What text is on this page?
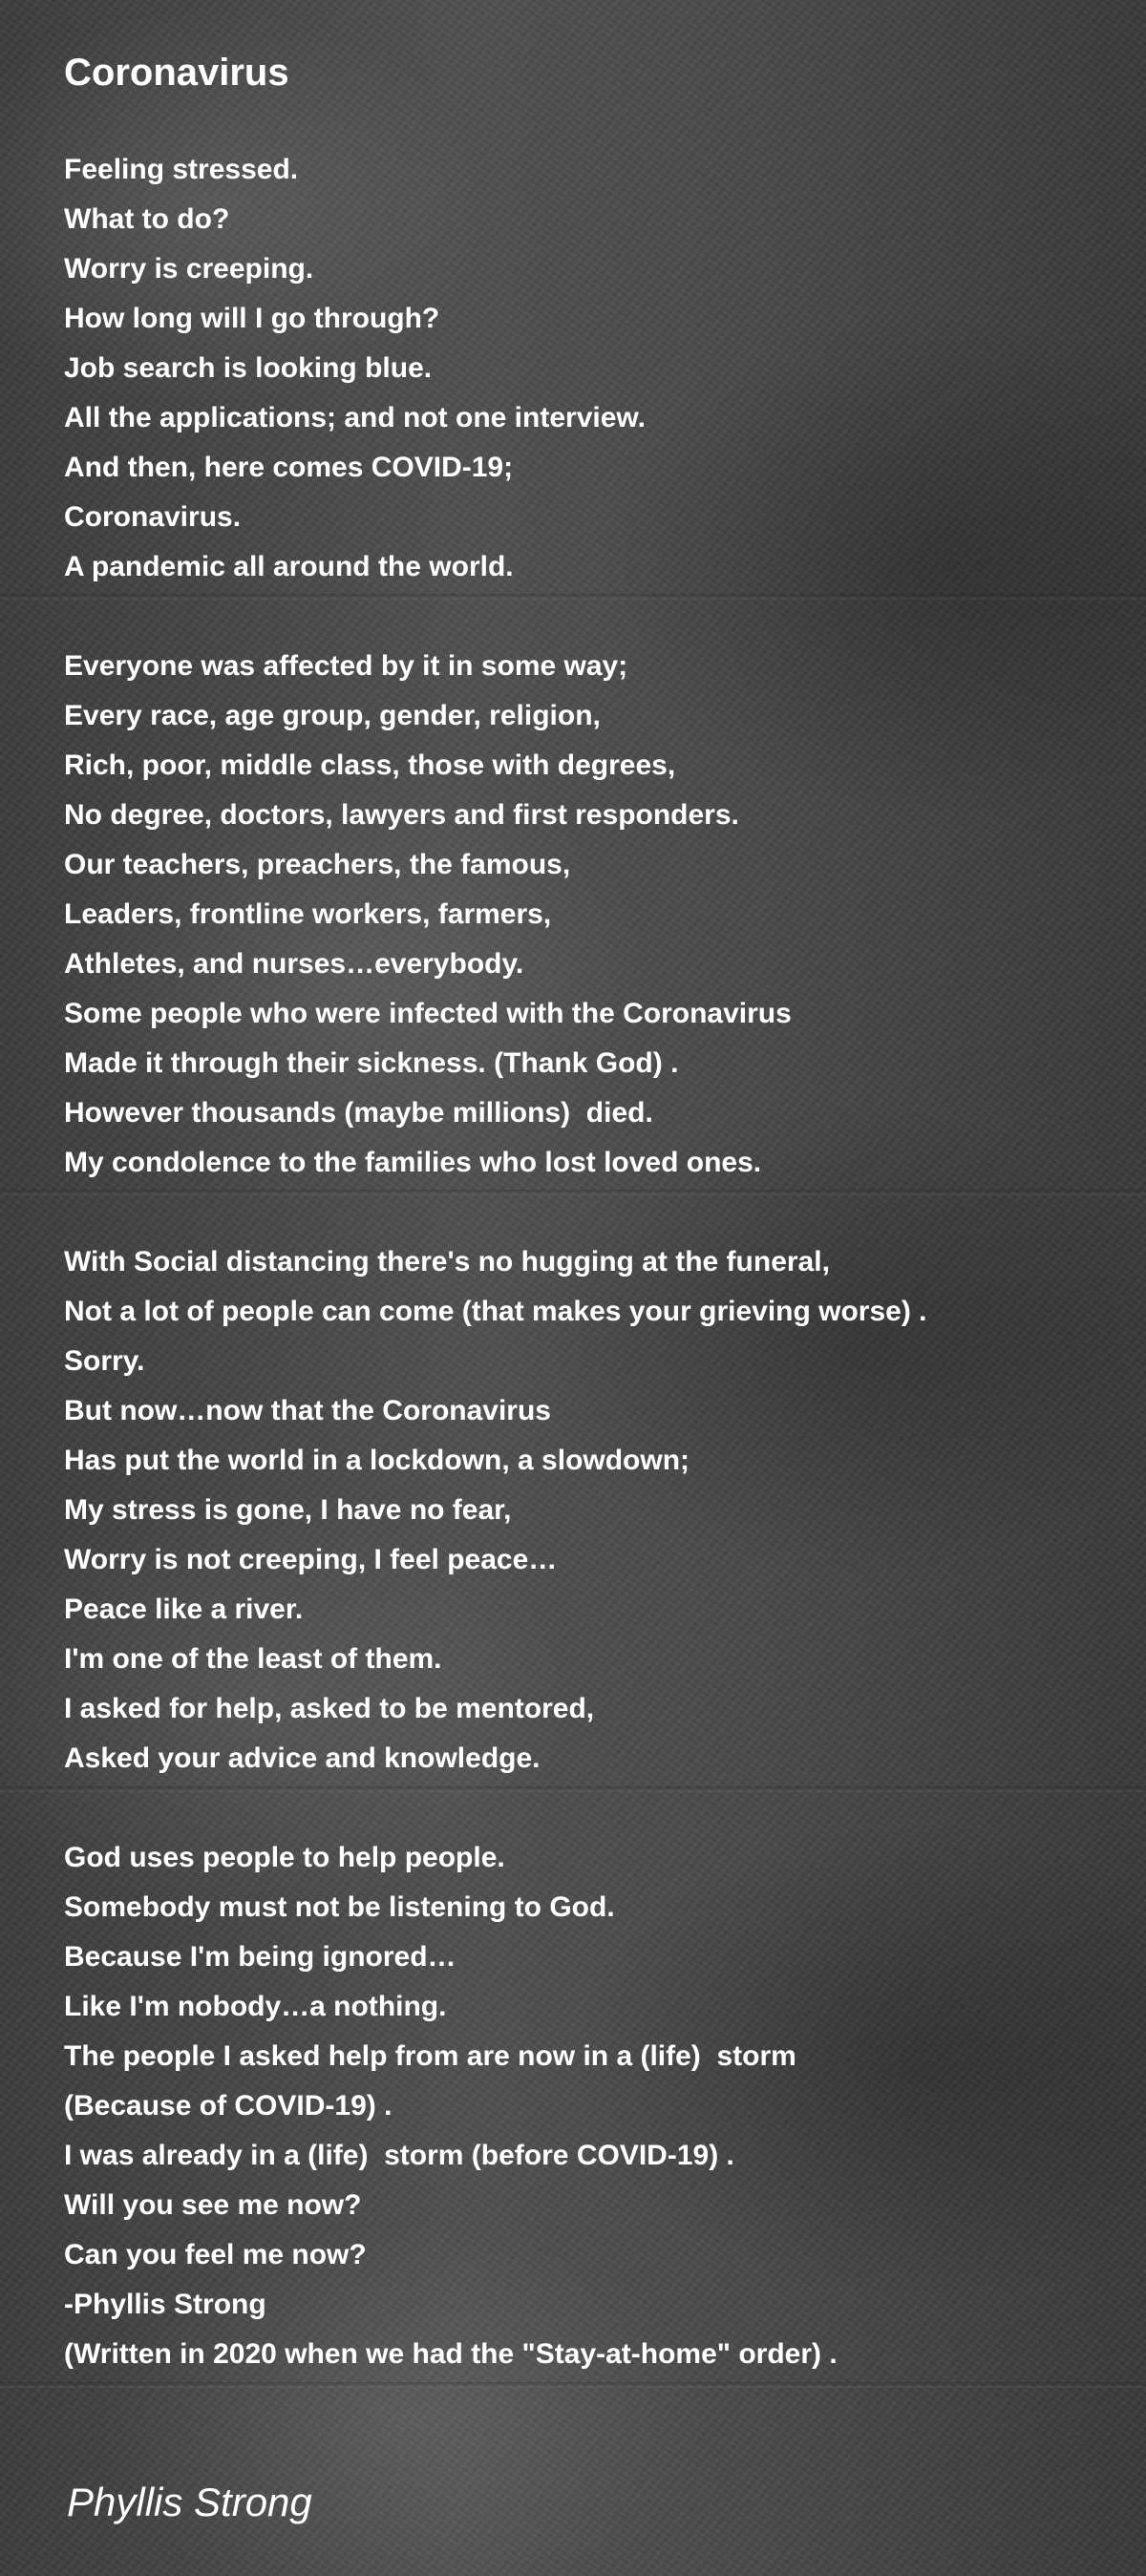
Coronavirus
Feeling stressed.
What to do?
Worry is creeping.
How long will I go through?
Job search is looking blue.
All the applications; and not one interview.
And then, here comes COVID-19;
Coronavirus.
A pandemic all around the world.
Everyone was affected by it in some way;
Every race, age group, gender, religion,
Rich, poor, middle class, those with degrees,
No degree, doctors, lawyers and first responders.
Our teachers, preachers, the famous,
Leaders, frontline workers, farmers,
Athletes, and nurses…everybody.
Some people who were infected with the Coronavirus
Made it through their sickness. (Thank God) .
However thousands (maybe millions)  died.
My condolence to the families who lost loved ones.
With Social distancing there's no hugging at the funeral,
Not a lot of people can come (that makes your grieving worse) .
Sorry.
But now…now that the Coronavirus
Has put the world in a lockdown, a slowdown;
My stress is gone, I have no fear,
Worry is not creeping, I feel peace…
Peace like a river.
I'm one of the least of them.
I asked for help, asked to be mentored,
Asked your advice and knowledge.
God uses people to help people.
Somebody must not be listening to God.
Because I'm being ignored…
Like I'm nobody…a nothing.
The people I asked help from are now in a (life)  storm
(Because of COVID-19) .
I was already in a (life)  storm (before COVID-19) .
Will you see me now?
Can you feel me now?
-Phyllis Strong
(Written in 2020 when we had the "Stay-at-home" order) .
Phyllis Strong
